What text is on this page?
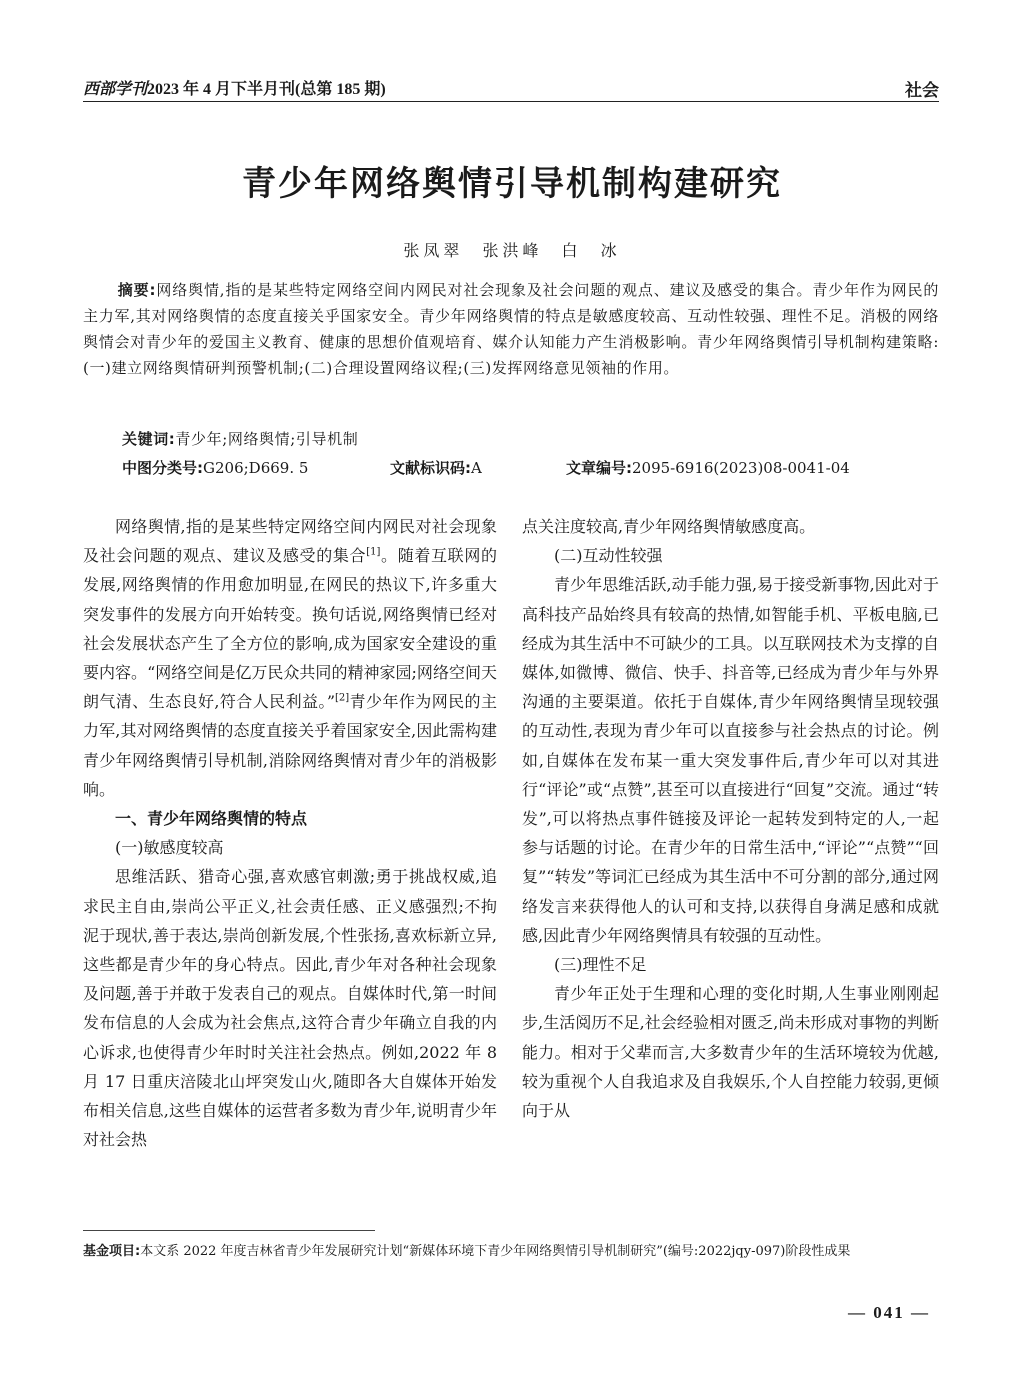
西部学刊2023 年 4 月下半月刊(总第 185 期)	社会
青少年网络舆情引导机制构建研究
张凤翠 张洪峰 白 冰
摘要:网络舆情,指的是某些特定网络空间内网民对社会现象及社会问题的观点、建议及感受的集合。青少年作为网民的主力军,其对网络舆情的态度直接关乎国家安全。青少年网络舆情的特点是敏感度较高、互动性较强、理性不足。消极的网络舆情会对青少年的爱国主义教育、健康的思想价值观培育、媒介认知能力产生消极影响。青少年网络舆情引导机制构建策略:(一)建立网络舆情研判预警机制;(二)合理设置网络议程;(三)发挥网络意见领袖的作用。
关键词:青少年;网络舆情;引导机制
中图分类号:G206;D669. 5	文献标识码:A	文章编号:2095-6916(2023)08-0041-04

网络舆情,指的是某些特定网络空间内网民对社会现象及社会问题的观点、建议及感受的集合[1]。随着互联网的发展,网络舆情的作用愈加明显,在网民的热议下,许多重大突发事件的发展方向开始转变。换句话说,网络舆情已经对社会发展状态产生了全方位的影响,成为国家安全建设的重要内容。“网络空间是亿万民众共同的精神家园;网络空间天朗气清、生态良好,符合人民利益。”[2]青少年作为网民的主力军,其对网络舆情的态度直接关乎着国家安全,因此需构建青少年网络舆情引导机制,消除网络舆情对青少年的消极影响。

一、青少年网络舆情的特点

(一)敏感度较高

思维活跃、猎奇心强,喜欢感官刺激;勇于挑战权威,追求民主自由,崇尚公平正义,社会责任感、正义感强烈;不拘泥于现状,善于表达,崇尚创新发展,个性张扬,喜欢标新立异,这些都是青少年的身心特点。因此,青少年对各种社会现象及问题,善于并敢于发表自己的观点。自媒体时代,第一时间发布信息的人会成为社会焦点,这符合青少年确立自我的内心诉求,也使得青少年时时关注社会热点。例如,2022 年 8 月 17 日重庆涪陵北山坪突发山火,随即各大自媒体开始发布相关信息,这些自媒体的运营者多数为青少年,说明青少年对社会热

点关注度较高,青少年网络舆情敏感度高。

(二)互动性较强

青少年思维活跃,动手能力强,易于接受新事物,因此对于高科技产品始终具有较高的热情,如智能手机、平板电脑,已经成为其生活中不可缺少的工具。以互联网技术为支撑的自媒体,如微博、微信、快手、抖音等,已经成为青少年与外界沟通的主要渠道。依托于自媒体,青少年网络舆情呈现较强的互动性,表现为青少年可以直接参与社会热点的讨论。例如,自媒体在发布某一重大突发事件后,青少年可以对其进行“评论”或“点赞”,甚至可以直接进行“回复”交流。通过“转发”,可以将热点事件链接及评论一起转发到特定的人,一起参与话题的讨论。在青少年的日常生活中,“评论”“点赞”“回复”“转发”等词汇已经成为其生活中不可分割的部分,通过网络发言来获得他人的认可和支持,以获得自身满足感和成就感,因此青少年网络舆情具有较强的互动性。

(三)理性不足

青少年正处于生理和心理的变化时期,人生事业刚刚起步,生活阅历不足,社会经验相对匮乏,尚未形成对事物的判断能力。相对于父辈而言,大多数青少年的生活环境较为优越,较为重视个人自我追求及自我娱乐,个人自控能力较弱,更倾向于从

基金项目:本文系 2022 年度吉林省青少年发展研究计划“新媒体环境下青少年网络舆情引导机制研究”(编号:2022jqy-097)阶段性成果
— 041 —
